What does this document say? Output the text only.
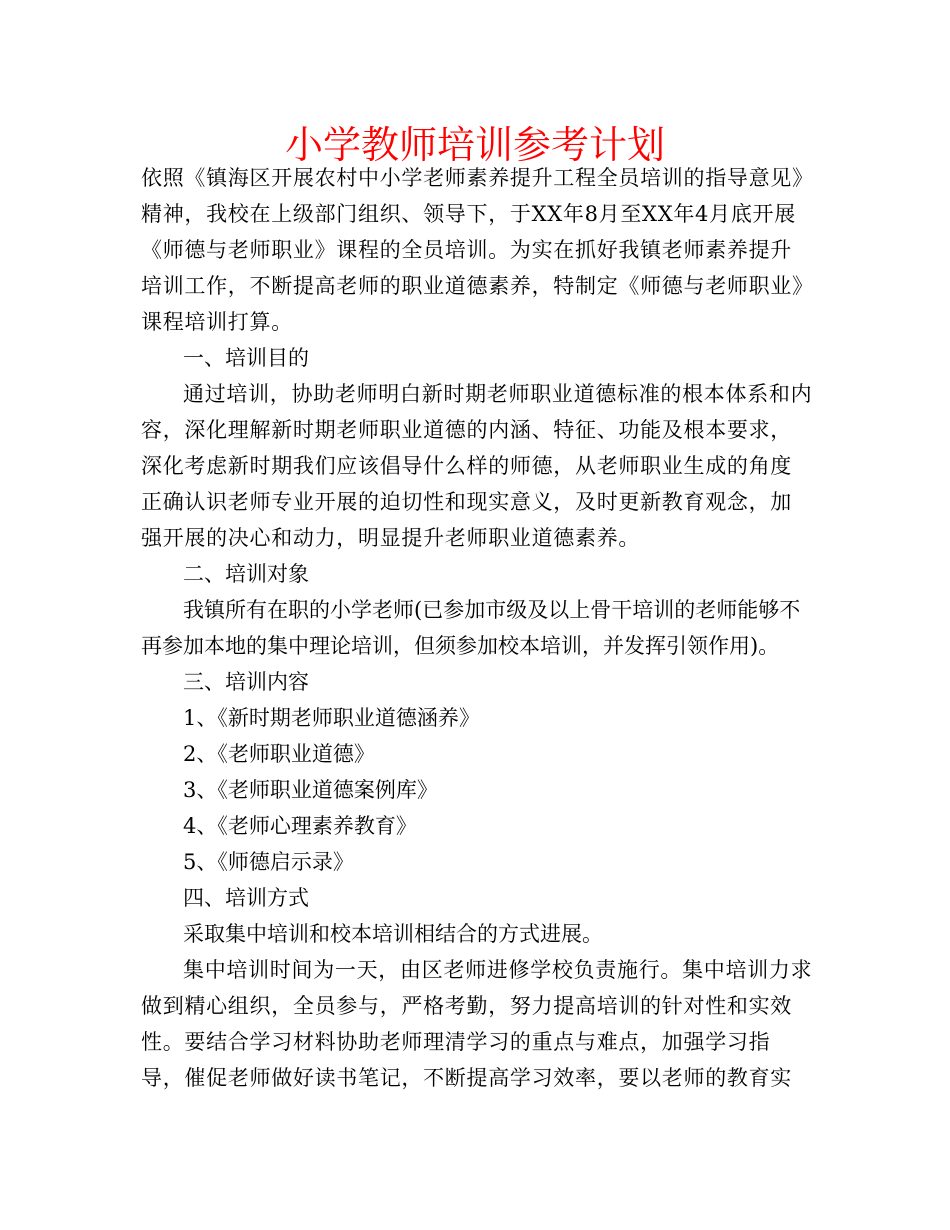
小学教师培训参考计划

依照《镇海区开展农村中小学老师素养提升工程全员培训的指导意见》精神，我校在上级部门组织、领导下，于XX年8月至XX年4月底开展《师德与老师职业》课程的全员培训。为实在抓好我镇老师素养提升培训工作，不断提高老师的职业道德素养，特制定《师德与老师职业》课程培训打算。

一、培训目的

通过培训，协助老师明白新时期老师职业道德标准的根本体系和内容，深化理解新时期老师职业道德的内涵、特征、功能及根本要求，深化考虑新时期我们应该倡导什么样的师德，从老师职业生成的角度正确认识老师专业开展的迫切性和现实意义，及时更新教育观念，加强开展的决心和动力，明显提升老师职业道德素养。

二、培训对象

我镇所有在职的小学老师(已参加市级及以上骨干培训的老师能够不再参加本地的集中理论培训，但须参加校本培训，并发挥引领作用)。

三、培训内容

1、《新时期老师职业道德涵养》

2、《老师职业道德》

3、《老师职业道德案例库》

4、《老师心理素养教育》

5、《师德启示录》

四、培训方式

采取集中培训和校本培训相结合的方式进展。

集中培训时间为一天，由区老师进修学校负责施行。集中培训力求做到精心组织，全员参与，严格考勤，努力提高培训的针对性和实效性。要结合学习材料协助老师理清学习的重点与难点，加强学习指导，催促老师做好读书笔记，不断提高学习效率，要以老师的教育实
